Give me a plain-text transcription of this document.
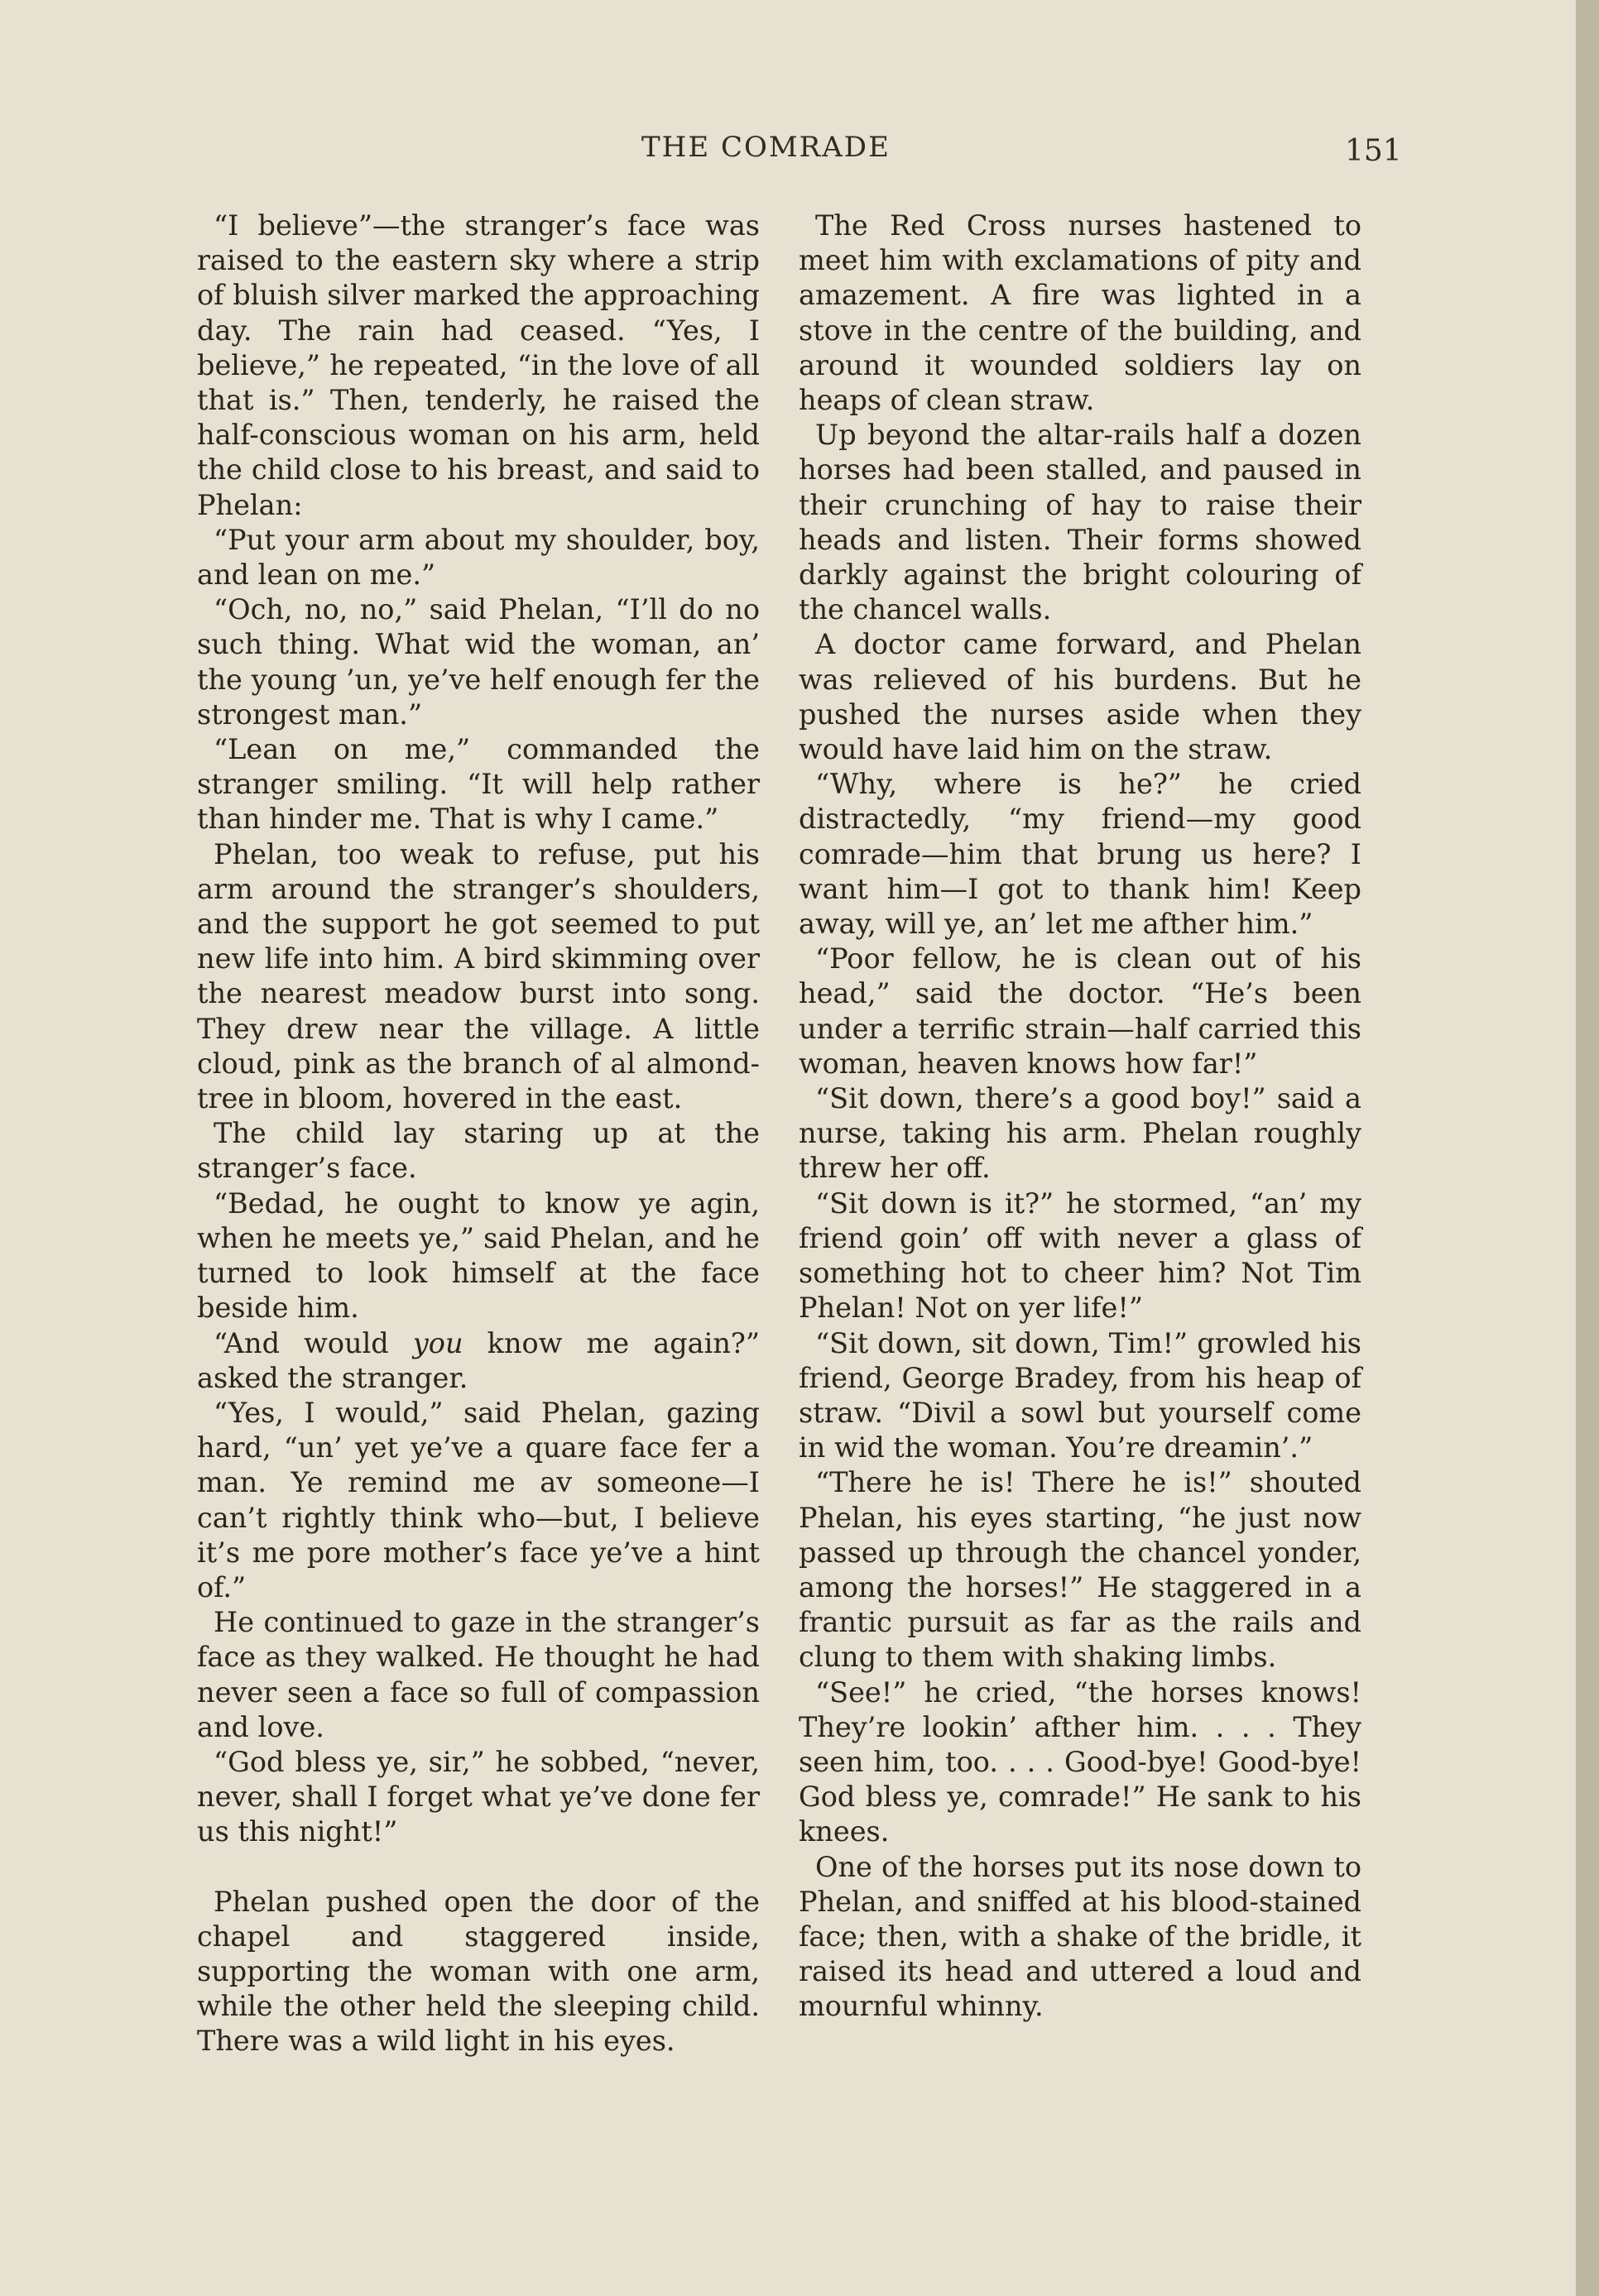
THE COMRADE	151

“I believe”—the stranger’s face was raised to the eastern sky where a strip of bluish silver marked the approaching day. The rain had ceased. “Yes, I believe,” he repeated, “in the love of all that is.” Then, tenderly, he raised the half-conscious woman on his arm, held the child close to his breast, and said to Phelan:

“Put your arm about my shoulder, boy, and lean on me.”

“Och, no, no,” said Phelan, “I’ll do no such thing. What wid the woman, an’ the young ’un, ye’ve helf enough fer the strongest man.”

“Lean on me,” commanded the stranger smiling. “It will help rather than hinder me. That is why I came.”

Phelan, too weak to refuse, put his arm around the stranger’s shoulders, and the support he got seemed to put new life into him. A bird skimming over the nearest meadow burst into song. They drew near the village. A little cloud, pink as the branch of al almond-tree in bloom, hovered in the east.

The child lay staring up at the stranger’s face.

“Bedad, he ought to know ye agin, when he meets ye,” said Phelan, and he turned to look himself at the face beside him.

“And would you know me again?” asked the stranger.

“Yes, I would,” said Phelan, gazing hard, “un’ yet ye’ve a quare face fer a man. Ye remind me av someone—I can’t rightly think who—but, I believe it’s me pore mother’s face ye’ve a hint of.”

He continued to gaze in the stranger’s face as they walked. He thought he had never seen a face so full of compassion and love.

“God bless ye, sir,” he sobbed, “never, never, shall I forget what ye’ve done fer us this night!”

Phelan pushed open the door of the chapel and staggered inside, supporting the woman with one arm, while the other held the sleeping child. There was a wild light in his eyes.

The Red Cross nurses hastened to meet him with exclamations of pity and amazement. A fire was lighted in a stove in the centre of the building, and around it wounded soldiers lay on heaps of clean straw.

Up beyond the altar-rails half a dozen horses had been stalled, and paused in their crunching of hay to raise their heads and listen. Their forms showed darkly against the bright colouring of the chancel walls.

A doctor came forward, and Phelan was relieved of his burdens. But he pushed the nurses aside when they would have laid him on the straw.

“Why, where is he?” he cried distractedly, “my friend—my good comrade—him that brung us here? I want him—I got to thank him! Keep away, will ye, an’ let me afther him.”

“Poor fellow, he is clean out of his head,” said the doctor. “He’s been under a terrific strain—half carried this woman, heaven knows how far!”

“Sit down, there’s a good boy!” said a nurse, taking his arm. Phelan roughly threw her off.

“Sit down is it?” he stormed, “an’ my friend goin’ off with never a glass of something hot to cheer him? Not Tim Phelan! Not on yer life!”

“Sit down, sit down, Tim!” growled his friend, George Bradey, from his heap of straw. “Divil a sowl but yourself come in wid the woman. You’re dreamin’.”

“There he is! There he is!” shouted Phelan, his eyes starting, “he just now passed up through the chancel yonder, among the horses!” He staggered in a frantic pursuit as far as the rails and clung to them with shaking limbs.

“See!” he cried, “the horses knows! They’re lookin’ afther him. . . . They seen him, too. . . . Good-bye! Good-bye! God bless ye, comrade!” He sank to his knees.

One of the horses put its nose down to Phelan, and sniffed at his blood-stained face; then, with a shake of the bridle, it raised its head and uttered a loud and mournful whinny.
